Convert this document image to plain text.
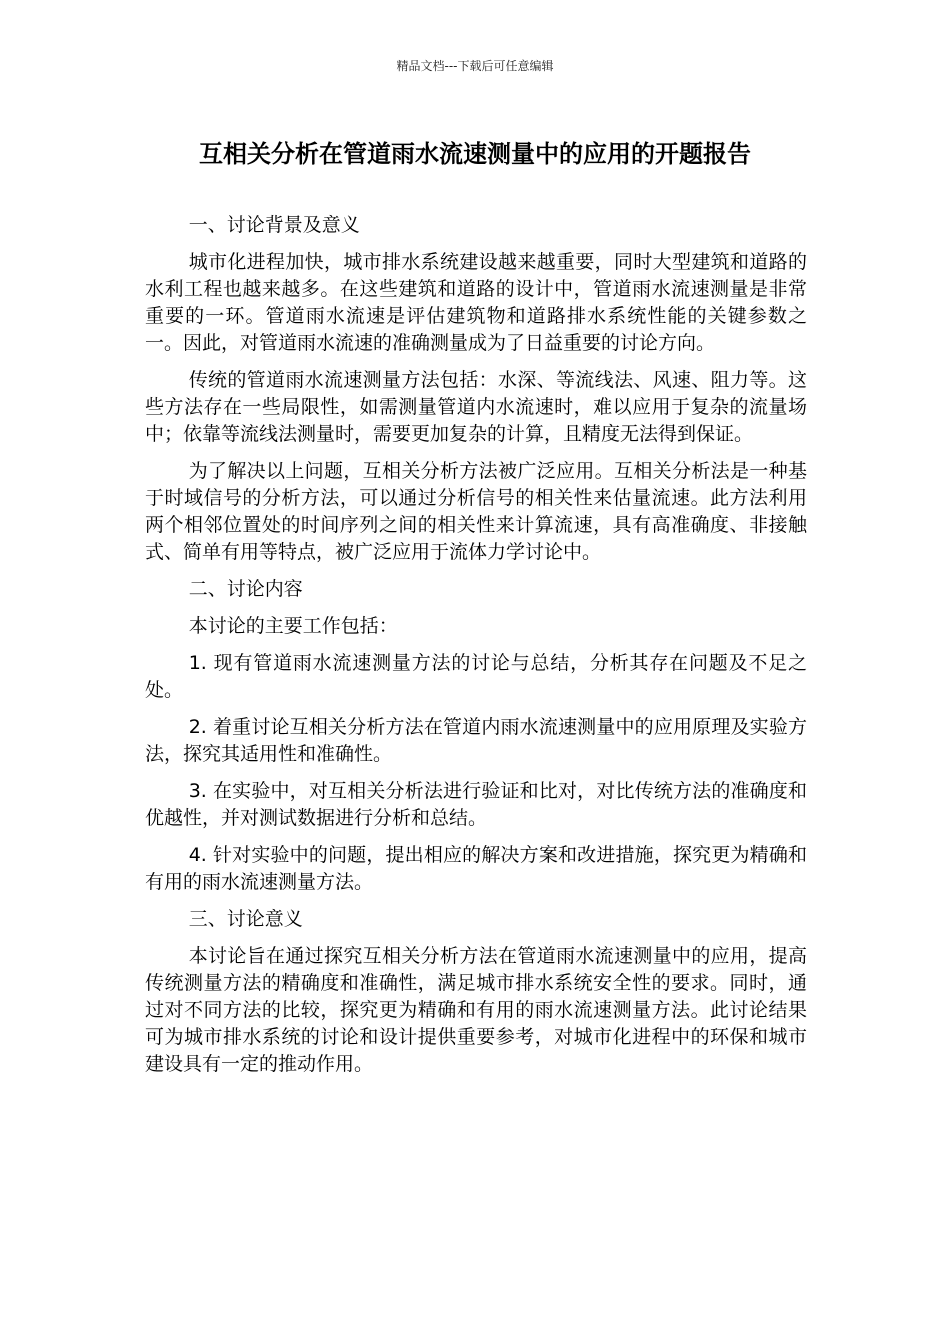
精品文档---下载后可任意编辑
互相关分析在管道雨水流速测量中的应用的开题报告

一、讨论背景及意义

城市化进程加快，城市排水系统建设越来越重要，同时大型建筑和道路的水利工程也越来越多。在这些建筑和道路的设计中，管道雨水流速测量是非常重要的一环。管道雨水流速是评估建筑物和道路排水系统性能的关键参数之一。因此，对管道雨水流速的准确测量成为了日益重要的讨论方向。

传统的管道雨水流速测量方法包括：水深、等流线法、风速、阻力等。这些方法存在一些局限性，如需测量管道内水流速时，难以应用于复杂的流量场中；依靠等流线法测量时，需要更加复杂的计算，且精度无法得到保证。

为了解决以上问题，互相关分析方法被广泛应用。互相关分析法是一种基于时域信号的分析方法，可以通过分析信号的相关性来估量流速。此方法利用两个相邻位置处的时间序列之间的相关性来计算流速，具有高准确度、非接触式、简单有用等特点，被广泛应用于流体力学讨论中。

二、讨论内容

本讨论的主要工作包括：

1. 现有管道雨水流速测量方法的讨论与总结，分析其存在问题及不足之处。

2. 着重讨论互相关分析方法在管道内雨水流速测量中的应用原理及实验方法，探究其适用性和准确性。

3. 在实验中，对互相关分析法进行验证和比对，对比传统方法的准确度和优越性，并对测试数据进行分析和总结。

4. 针对实验中的问题，提出相应的解决方案和改进措施，探究更为精确和有用的雨水流速测量方法。

三、讨论意义

本讨论旨在通过探究互相关分析方法在管道雨水流速测量中的应用，提高传统测量方法的精确度和准确性，满足城市排水系统安全性的要求。同时，通过对不同方法的比较，探究更为精确和有用的雨水流速测量方法。此讨论结果可为城市排水系统的讨论和设计提供重要参考，对城市化进程中的环保和城市建设具有一定的推动作用。
